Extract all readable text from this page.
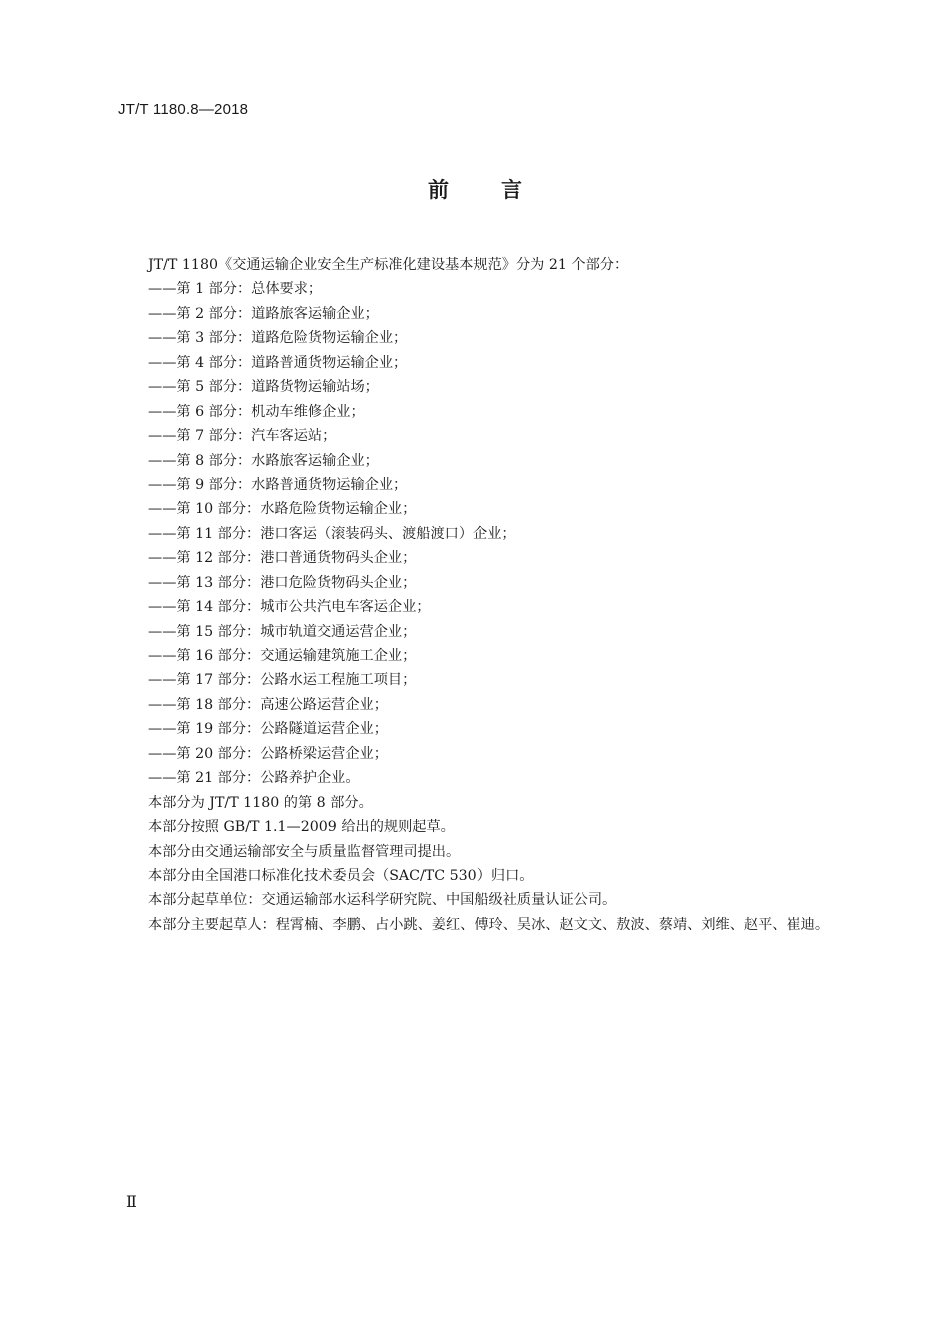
JT/T 1180.8—2018
前 言
JT/T 1180《交通运输企业安全生产标准化建设基本规范》分为 21 个部分：
——第 1 部分：总体要求；
——第 2 部分：道路旅客运输企业；
——第 3 部分：道路危险货物运输企业；
——第 4 部分：道路普通货物运输企业；
——第 5 部分：道路货物运输站场；
——第 6 部分：机动车维修企业；
——第 7 部分：汽车客运站；
——第 8 部分：水路旅客运输企业；
——第 9 部分：水路普通货物运输企业；
——第 10 部分：水路危险货物运输企业；
——第 11 部分：港口客运（滚装码头、渡船渡口）企业；
——第 12 部分：港口普通货物码头企业；
——第 13 部分：港口危险货物码头企业；
——第 14 部分：城市公共汽电车客运企业；
——第 15 部分：城市轨道交通运营企业；
——第 16 部分：交通运输建筑施工企业；
——第 17 部分：公路水运工程施工项目；
——第 18 部分：高速公路运营企业；
——第 19 部分：公路隧道运营企业；
——第 20 部分：公路桥梁运营企业；
——第 21 部分：公路养护企业。
本部分为 JT/T 1180 的第 8 部分。
本部分按照 GB/T 1.1—2009 给出的规则起草。
本部分由交通运输部安全与质量监督管理司提出。
本部分由全国港口标准化技术委员会（SAC/TC 530）归口。
本部分起草单位：交通运输部水运科学研究院、中国船级社质量认证公司。
本部分主要起草人：程霄楠、李鹏、占小跳、姜红、傅玲、吴冰、赵文文、敖波、蔡靖、刘维、赵平、崔迪。
Ⅱ
